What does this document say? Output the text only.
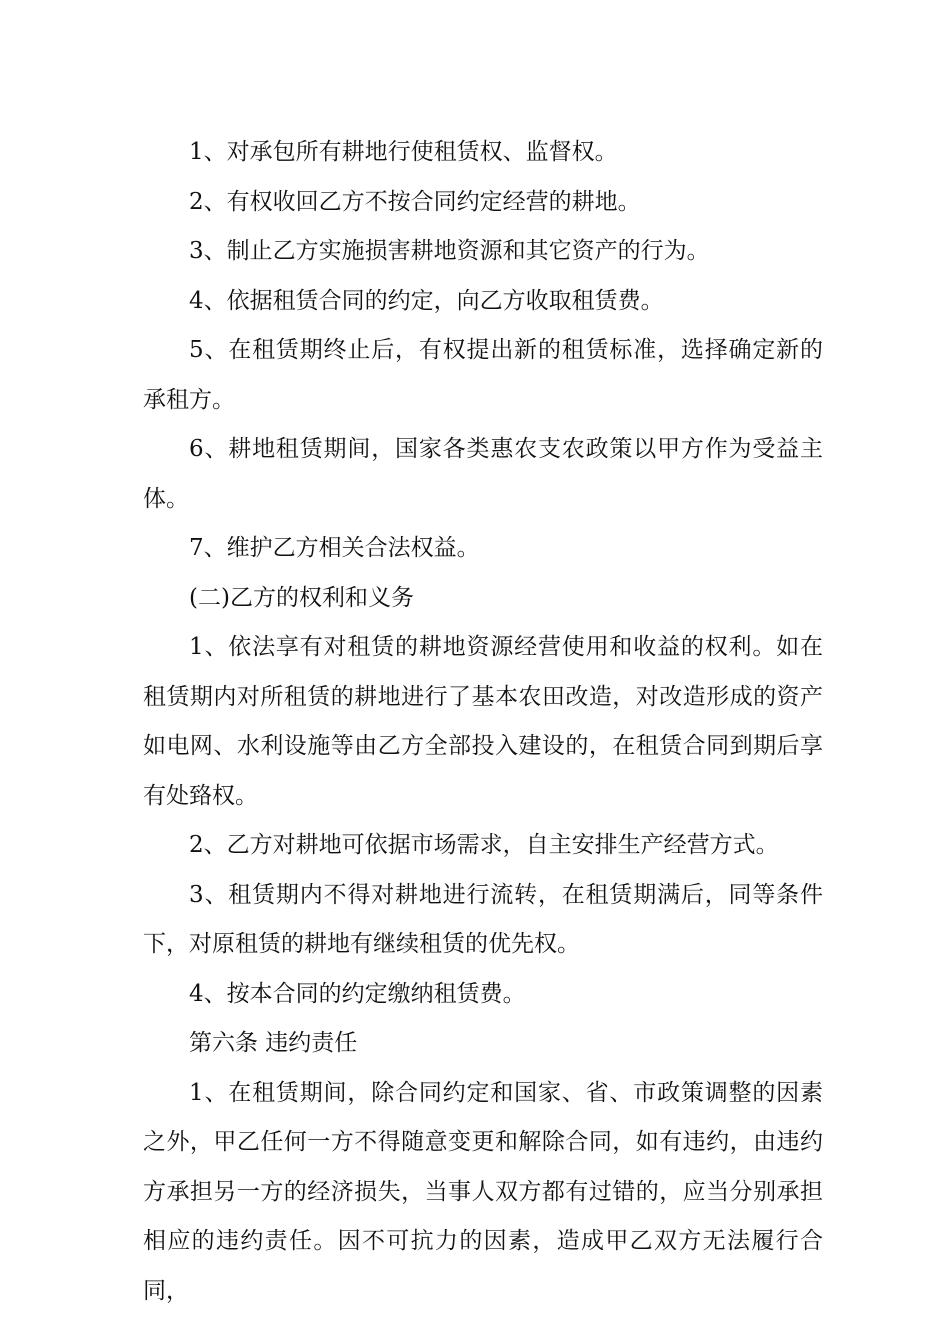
1、对承包所有耕地行使租赁权、监督权。

2、有权收回乙方不按合同约定经营的耕地。

3、制止乙方实施损害耕地资源和其它资产的行为。

4、依据租赁合同的约定，向乙方收取租赁费。

5、在租赁期终止后，有权提出新的租赁标准，选择确定新的承租方。

6、耕地租赁期间，国家各类惠农支农政策以甲方作为受益主体。

7、维护乙方相关合法权益。

(二)乙方的权利和义务

1、依法享有对租赁的耕地资源经营使用和收益的权利。如在租赁期内对所租赁的耕地进行了基本农田改造，对改造形成的资产如电网、水利设施等由乙方全部投入建设的，在租赁合同到期后享有处臵权。

2、乙方对耕地可依据市场需求，自主安排生产经营方式。

3、租赁期内不得对耕地进行流转，在租赁期满后，同等条件下，对原租赁的耕地有继续租赁的优先权。

4、按本合同的约定缴纳租赁费。

第六条 违约责任

1、在租赁期间，除合同约定和国家、省、市政策调整的因素之外，甲乙任何一方不得随意变更和解除合同，如有违约，由违约方承担另一方的经济损失，当事人双方都有过错的，应当分别承担相应的违约责任。因不可抗力的因素，造成甲乙双方无法履行合同，
